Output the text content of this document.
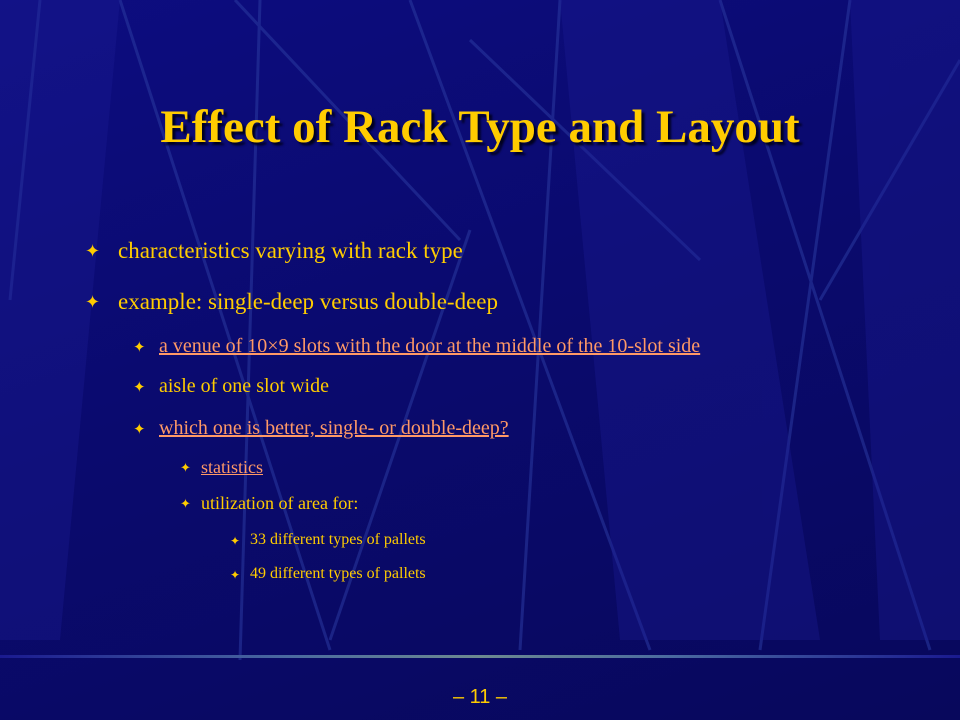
Effect of Rack Type and Layout
✦ characteristics varying with rack type
✦ example: single-deep versus double-deep
✦ a venue of 10×9 slots with the door at the middle of the 10-slot side
✦ aisle of one slot wide
✦ which one is better, single- or double-deep?
✦ statistics
✦ utilization of area for:
✦ 33 different types of pallets
✦ 49 different types of pallets
– 11 –
